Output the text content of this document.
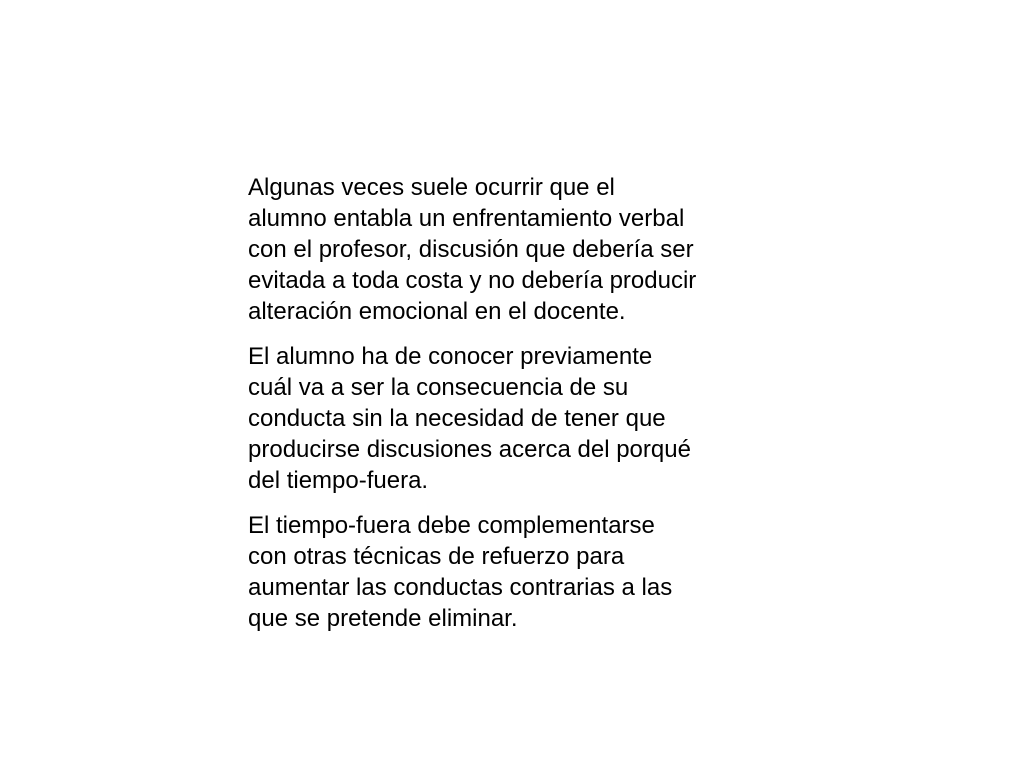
Algunas veces suele ocurrir que el
alumno entabla un enfrentamiento verbal
con el profesor, discusión que debería ser
evitada a toda costa y no debería producir
alteración emocional en el docente.

El alumno ha de conocer previamente
cuál va a ser la consecuencia de su
conducta sin la necesidad de tener que
producirse discusiones acerca del porqué
del tiempo-fuera.

El tiempo-fuera debe complementarse
con otras técnicas de refuerzo para
aumentar las conductas contrarias a las
que se pretende eliminar.
